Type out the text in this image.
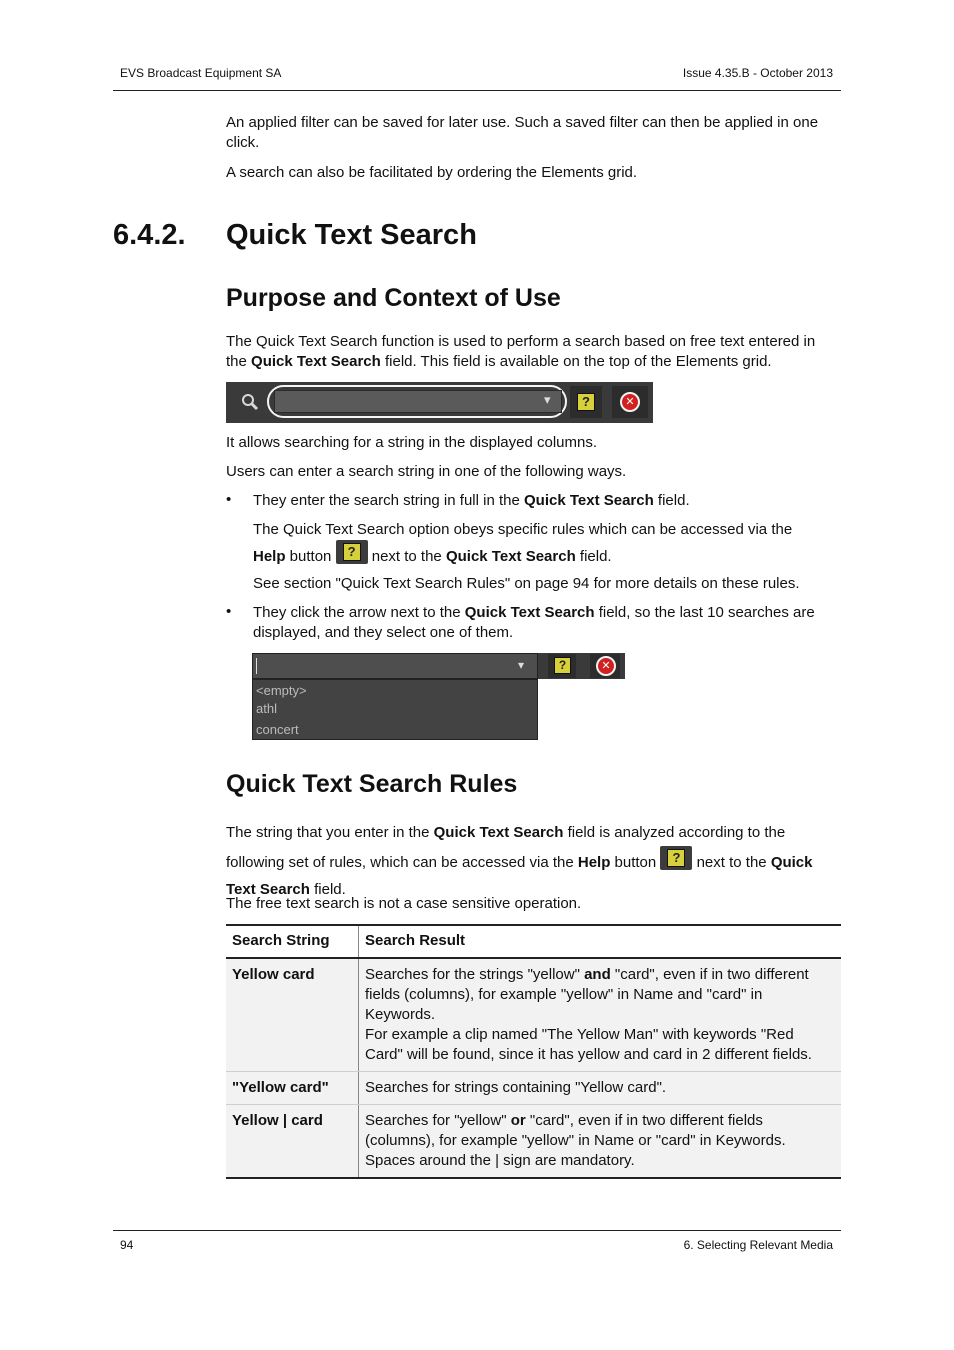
EVS Broadcast Equipment SA	Issue 4.35.B - October 2013
An applied filter can be saved for later use. Such a saved filter can then be applied in one click.
A search can also be facilitated by ordering the Elements grid.
6.4.2. Quick Text Search
Purpose and Context of Use
The Quick Text Search function is used to perform a search based on free text entered in the Quick Text Search field. This field is available on the top of the Elements grid.
▾	?	✕
It allows searching for a string in the displayed columns.
Users can enter a search string in one of the following ways.
• They enter the search string in full in the Quick Text Search field.
The Quick Text Search option obeys specific rules which can be accessed via the
Help button ? next to the Quick Text Search field.
See section "Quick Text Search Rules" on page 94 for more details on these rules.
• They click the arrow next to the Quick Text Search field, so the last 10 searches are displayed, and they select one of them.
▾	?	✕
<empty>
athl
concert
Quick Text Search Rules
The string that you enter in the Quick Text Search field is analyzed according to the following set of rules, which can be accessed via the Help button ? next to the Quick Text Search field.
The free text search is not a case sensitive operation.
Search String	Search Result
Yellow card	Searches for the strings "yellow" and "card", even if in two different fields (columns), for example "yellow" in Name and "card" in Keywords.
For example a clip named "The Yellow Man" with keywords "Red Card" will be found, since it has yellow and card in 2 different fields.
"Yellow card"	Searches for strings containing "Yellow card".
Yellow | card	Searches for "yellow" or "card", even if in two different fields (columns), for example "yellow" in Name or "card" in Keywords.
Spaces around the | sign are mandatory.
94	6. Selecting Relevant Media
